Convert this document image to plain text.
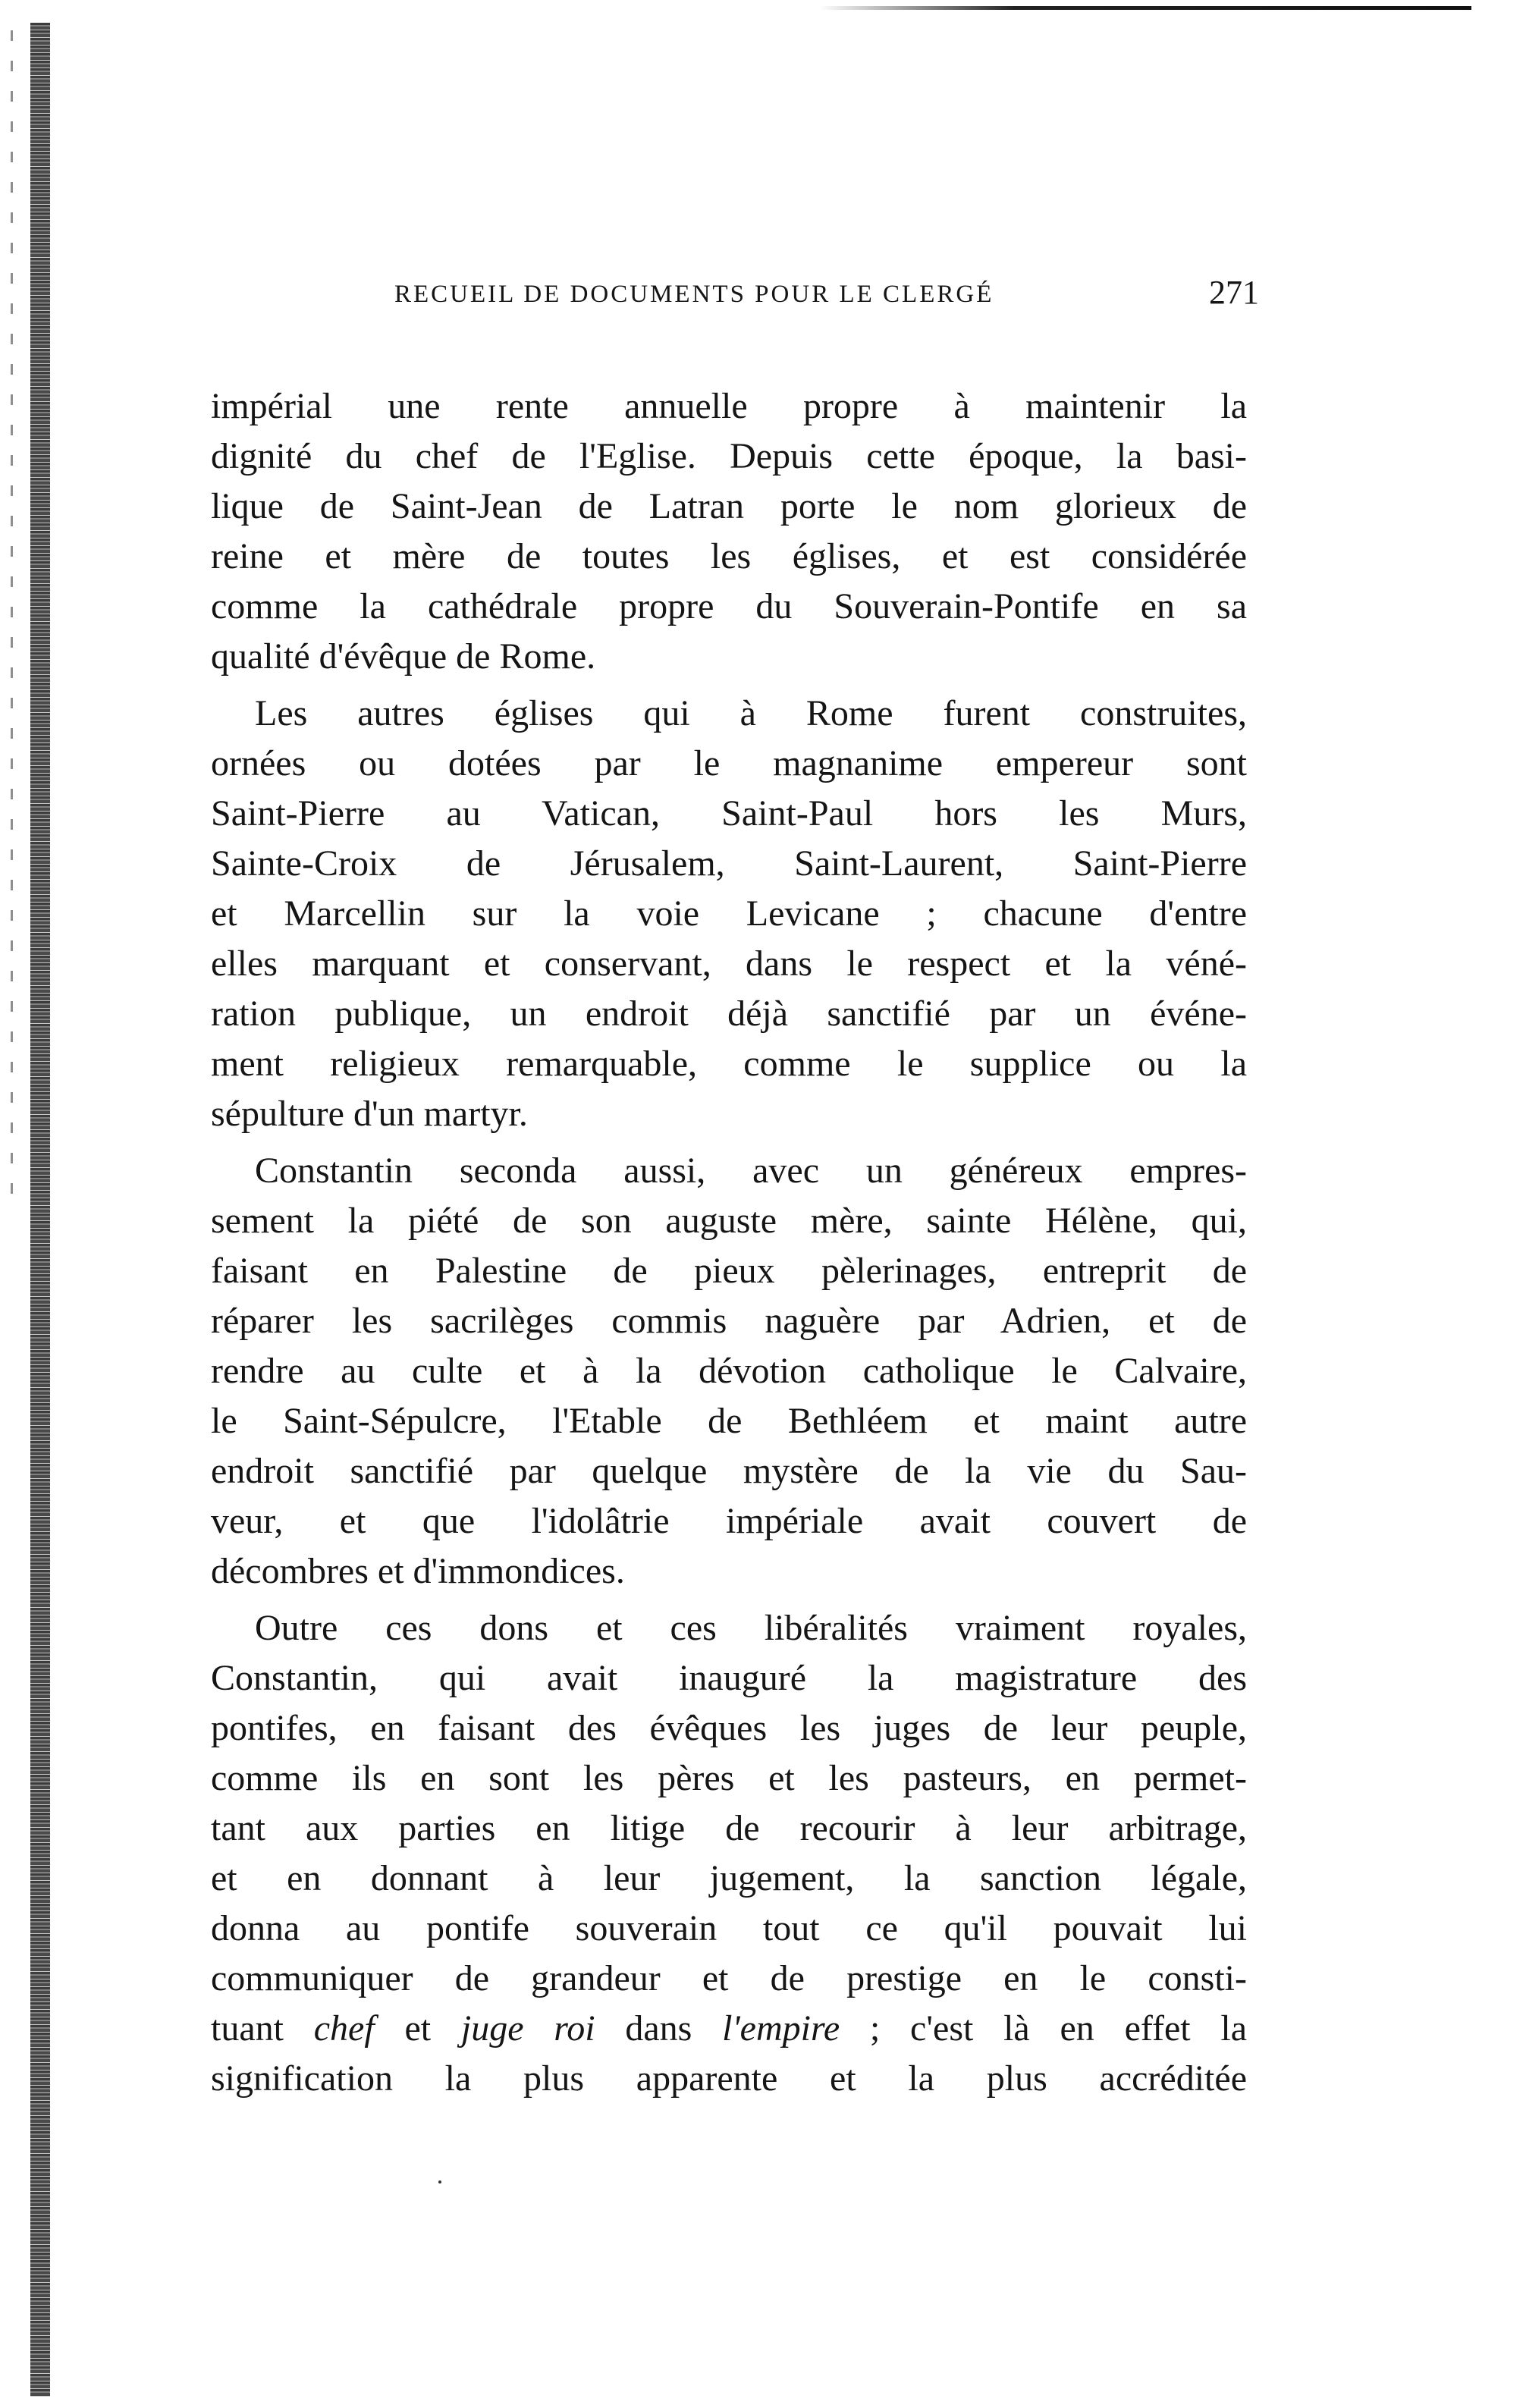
RECUEIL DE DOCUMENTS POUR LE CLERGÉ	271
impérial une rente annuelle propre à maintenir la
dignité du chef de l'Eglise. Depuis cette époque, la basi-
lique de Saint-Jean de Latran porte le nom glorieux de
reine et mère de toutes les églises, et est considérée
comme la cathédrale propre du Souverain-Pontife en sa
qualité d'évêque de Rome.
Les autres églises qui à Rome furent construites,
ornées ou dotées par le magnanime empereur sont
Saint-Pierre au Vatican, Saint-Paul hors les Murs,
Sainte-Croix de Jérusalem, Saint-Laurent, Saint-Pierre
et Marcellin sur la voie Levicane ; chacune d'entre
elles marquant et conservant, dans le respect et la véné-
ration publique, un endroit déjà sanctifié par un événe-
ment religieux remarquable, comme le supplice ou la
sépulture d'un martyr.
Constantin seconda aussi, avec un généreux empres-
sement la piété de son auguste mère, sainte Hélène, qui,
faisant en Palestine de pieux pèlerinages, entreprit de
réparer les sacrilèges commis naguère par Adrien, et de
rendre au culte et à la dévotion catholique le Calvaire,
le Saint-Sépulcre, l'Etable de Bethléem et maint autre
endroit sanctifié par quelque mystère de la vie du Sau-
veur, et que l'idolâtrie impériale avait couvert de
décombres et d'immondices.
Outre ces dons et ces libéralités vraiment royales,
Constantin, qui avait inauguré la magistrature des
pontifes, en faisant des évêques les juges de leur peuple,
comme ils en sont les pères et les pasteurs, en permet-
tant aux parties en litige de recourir à leur arbitrage,
et en donnant à leur jugement, la sanction légale,
donna au pontife souverain tout ce qu'il pouvait lui
communiquer de grandeur et de prestige en le consti-
tuant chef et juge roi dans l'empire ; c'est là en effet la
signification la plus apparente et la plus accréditée
